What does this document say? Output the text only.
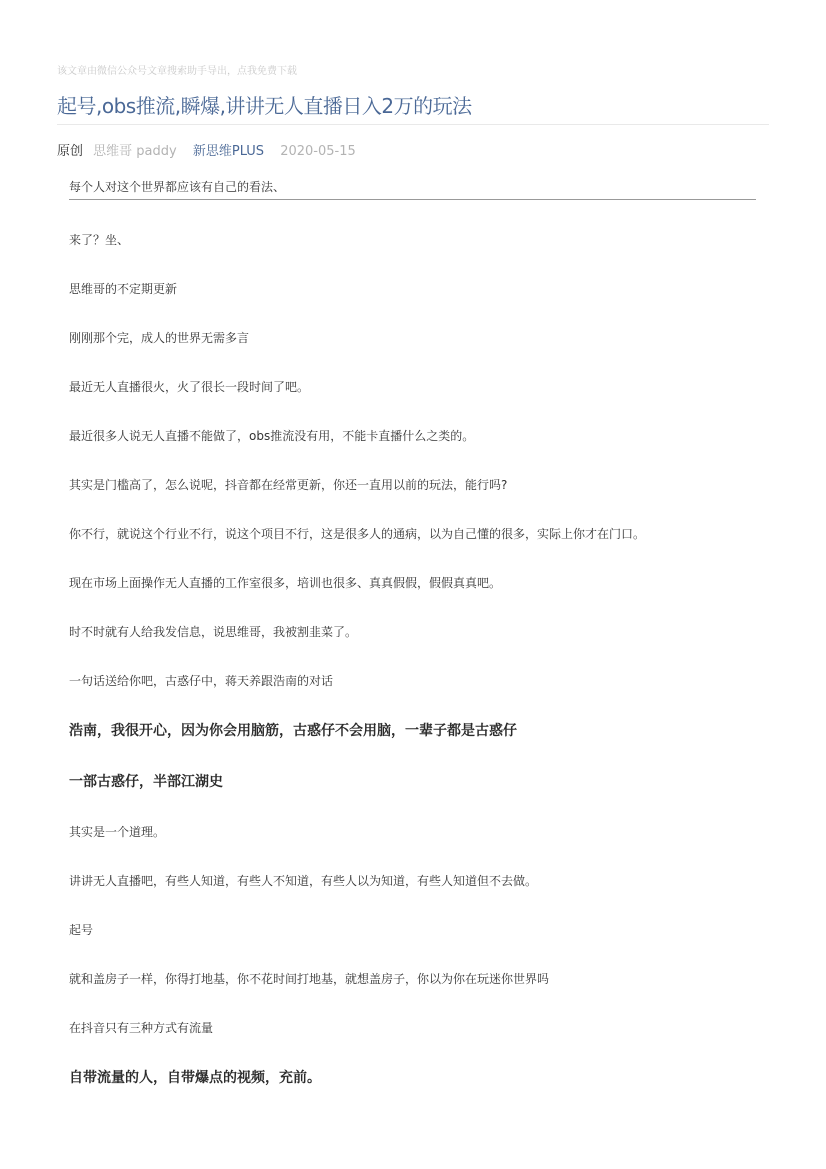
该文章由微信公众号文章搜索助手导出，点我免费下载
起号,obs推流,瞬爆,讲讲无人直播日入2万的玩法
原创 思维哥 paddy 新思维PLUS 2020-05-15
每个人对这个世界都应该有自己的看法、
来了？坐、
思维哥的不定期更新
刚刚那个完，成人的世界无需多言
最近无人直播很火，火了很长一段时间了吧。
最近很多人说无人直播不能做了，obs推流没有用，不能卡直播什么之类的。
其实是门槛高了，怎么说呢，抖音都在经常更新，你还一直用以前的玩法，能行吗?
你不行，就说这个行业不行，说这个项目不行，这是很多人的通病，以为自己懂的很多，实际上你才在门口。
现在市场上面操作无人直播的工作室很多，培训也很多、真真假假，假假真真吧。
时不时就有人给我发信息，说思维哥，我被割韭菜了。
一句话送给你吧，古惑仔中，蒋天养跟浩南的对话
浩南，我很开心，因为你会用脑筋，古惑仔不会用脑，一辈子都是古惑仔
一部古惑仔，半部江湖史
其实是一个道理。
讲讲无人直播吧，有些人知道，有些人不知道，有些人以为知道，有些人知道但不去做。
起号
就和盖房子一样，你得打地基，你不花时间打地基，就想盖房子，你以为你在玩迷你世界吗
在抖音只有三种方式有流量
自带流量的人，自带爆点的视频，充前。
